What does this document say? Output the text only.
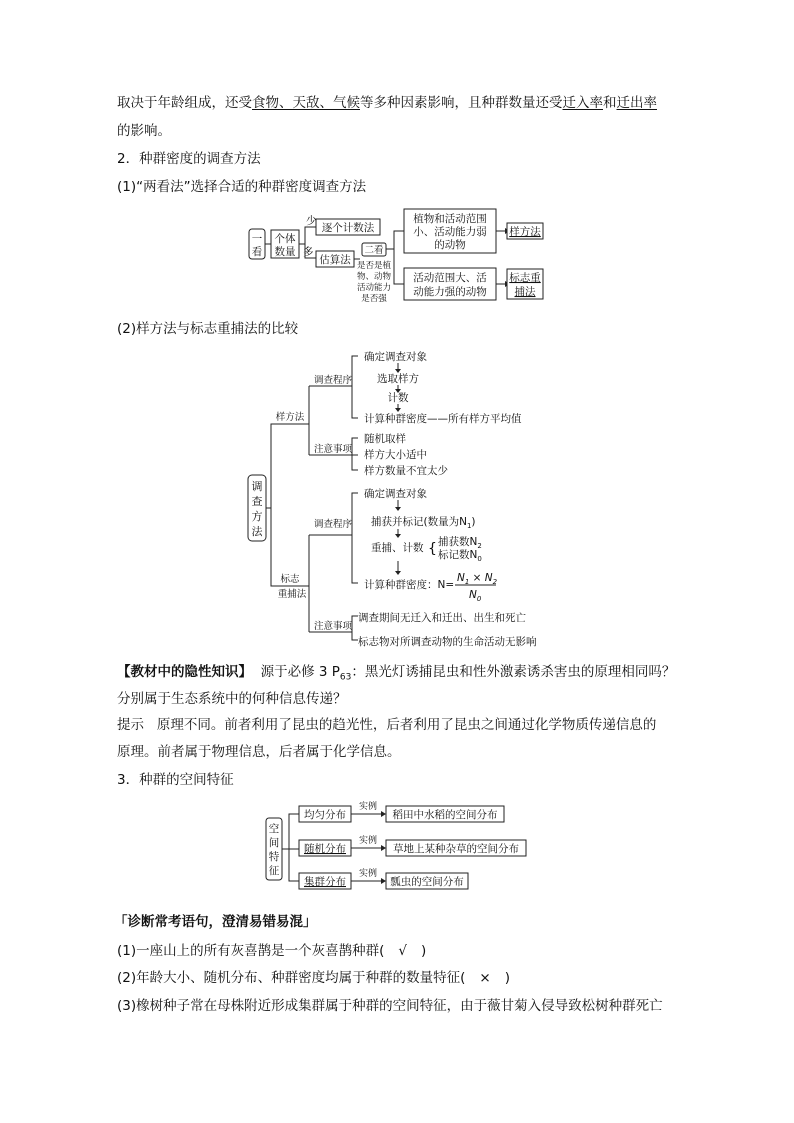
取决于年龄组成，还受食物、天敌、气候等多种因素影响，且种群数量还受迁入率和迁出率
的影响。
2．种群密度的调查方法
(1)“两看法”选择合适的种群密度调查方法
一
看
个体
数量
少
多
逐个计数法
估算法
二看
是否是植
物、动物
活动能力
是否强
植物和活动范围
小、活动能力弱
的动物
活动范围大、活
动能力强的动物
样方法
标志重
捕法
(2)样方法与标志重捕法的比较
调
查
方
法
样方法
标志
重捕法
调查程序
注意事项
确定调查对象
选取样方
计数
计算种群密度——所有样方平均值
随机取样
样方大小适中
样方数量不宜太少
调查程序
注意事项
确定调查对象
捕获并标记(数量为$N_1$)
重捕、计数 { 捕获数$N_2$
标记数$N_0$
计算种群密度：N=
$N_1 \times N_2$
$N_0$
调查期间无迁入和迁出、出生和死亡
标志物对所调查动物的生命活动无影响
【教材中的隐性知识】 源于必修 3 $P_{63}$：黑光灯诱捕昆虫和性外激素诱杀害虫的原理相同吗？
分别属于生态系统中的何种信息传递？
提示 原理不同。前者利用了昆虫的趋光性，后者利用了昆虫之间通过化学物质传递信息的
原理。前者属于物理信息，后者属于化学信息。
3．种群的空间特征
空
间
特
征
均匀分布
随机分布
集群分布
实例
实例
实例
稻田中水稻的空间分布
草地上某种杂草的空间分布
瓢虫的空间分布
「诊断常考语句，澄清易错易混」
(1)一座山上的所有灰喜鹊是一个灰喜鹊种群( √ )
(2)年龄大小、随机分布、种群密度均属于种群的数量特征( × )
(3)橡树种子常在母株附近形成集群属于种群的空间特征，由于薇甘菊入侵导致松树种群死亡
